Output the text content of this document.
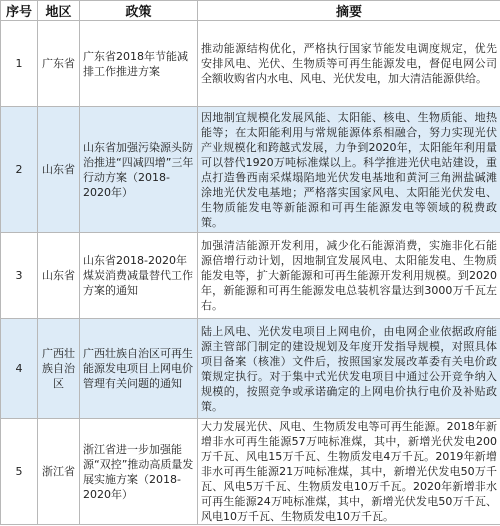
序号	地区	政策	摘要
1	广东省	广东省2018年节能减排工作推进方案	推动能源结构优化，严格执行国家节能发电调度规定，优先安排风电、光伏、生物质等可再生能源发电，督促电网公司全额收购省内水电、风电、光伏发电，加大清洁能源供给。
2	山东省	山东省加强污染源头防治推进“四减四增”三年行动方案（2018-2020年）	因地制宜规模化发展风能、太阳能、核电、生物质能、地热能等；在太阳能利用与常规能源体系相融合，努力实现光伏产业规模化和跨越式发展，力争到2020年，太阳能年利用量可以替代1920万吨标准煤以上。科学推进光伏电站建设，重点打造鲁西南采煤塌陷地光伏发电基地和黄河三角洲盐碱滩涂地光伏发电基地；严格落实国家风电、太阳能光伏发电、生物质能发电等新能源和可再生能源发电等领域的税费政策。
3	山东省	山东省2018-2020年煤炭消费减量替代工作方案的通知	加强清洁能源开发利用，减少化石能源消费，实施非化石能源倍增行动计划，因地制宜发展风电、太阳能发电、生物质能发电等，扩大新能源和可再生能源开发利用规模。到2020年，新能源和可再生能源发电总装机容量达到3000万千瓦左右。
4	广西壮族自治区	广西壮族自治区可再生能源发电项目上网电价管理有关问题的通知	陆上风电、光伏发电项目上网电价，由电网企业依据政府能源主管部门制定的建设规划及年度开发指导规模，对照具体项目备案（核准）文件后，按照国家发展改革委有关电价政策规定执行。对于集中式光伏发电项目中通过公开竞争纳入规模的，按照竞争或承诺确定的上网电价执行电价及补贴政策。
5	浙江省	浙江省进一步加强能源“双控”推动高质量发展实施方案（2018-2020年）	大力发展光伏、风电、生物质发电等可再生能源。2018年新增非水可再生能源57万吨标准煤，其中，新增光伏发电200万千瓦、风电15万千瓦、生物质发电4万千瓦。2019年新增非水可再生能源21万吨标准煤，其中，新增光伏发电50万千瓦、风电5万千瓦、生物质发电10万千瓦。2020年新增非水可再生能源24万吨标准煤，其中，新增光伏发电50万千瓦、风电10万千瓦、生物质发电10万千瓦。
